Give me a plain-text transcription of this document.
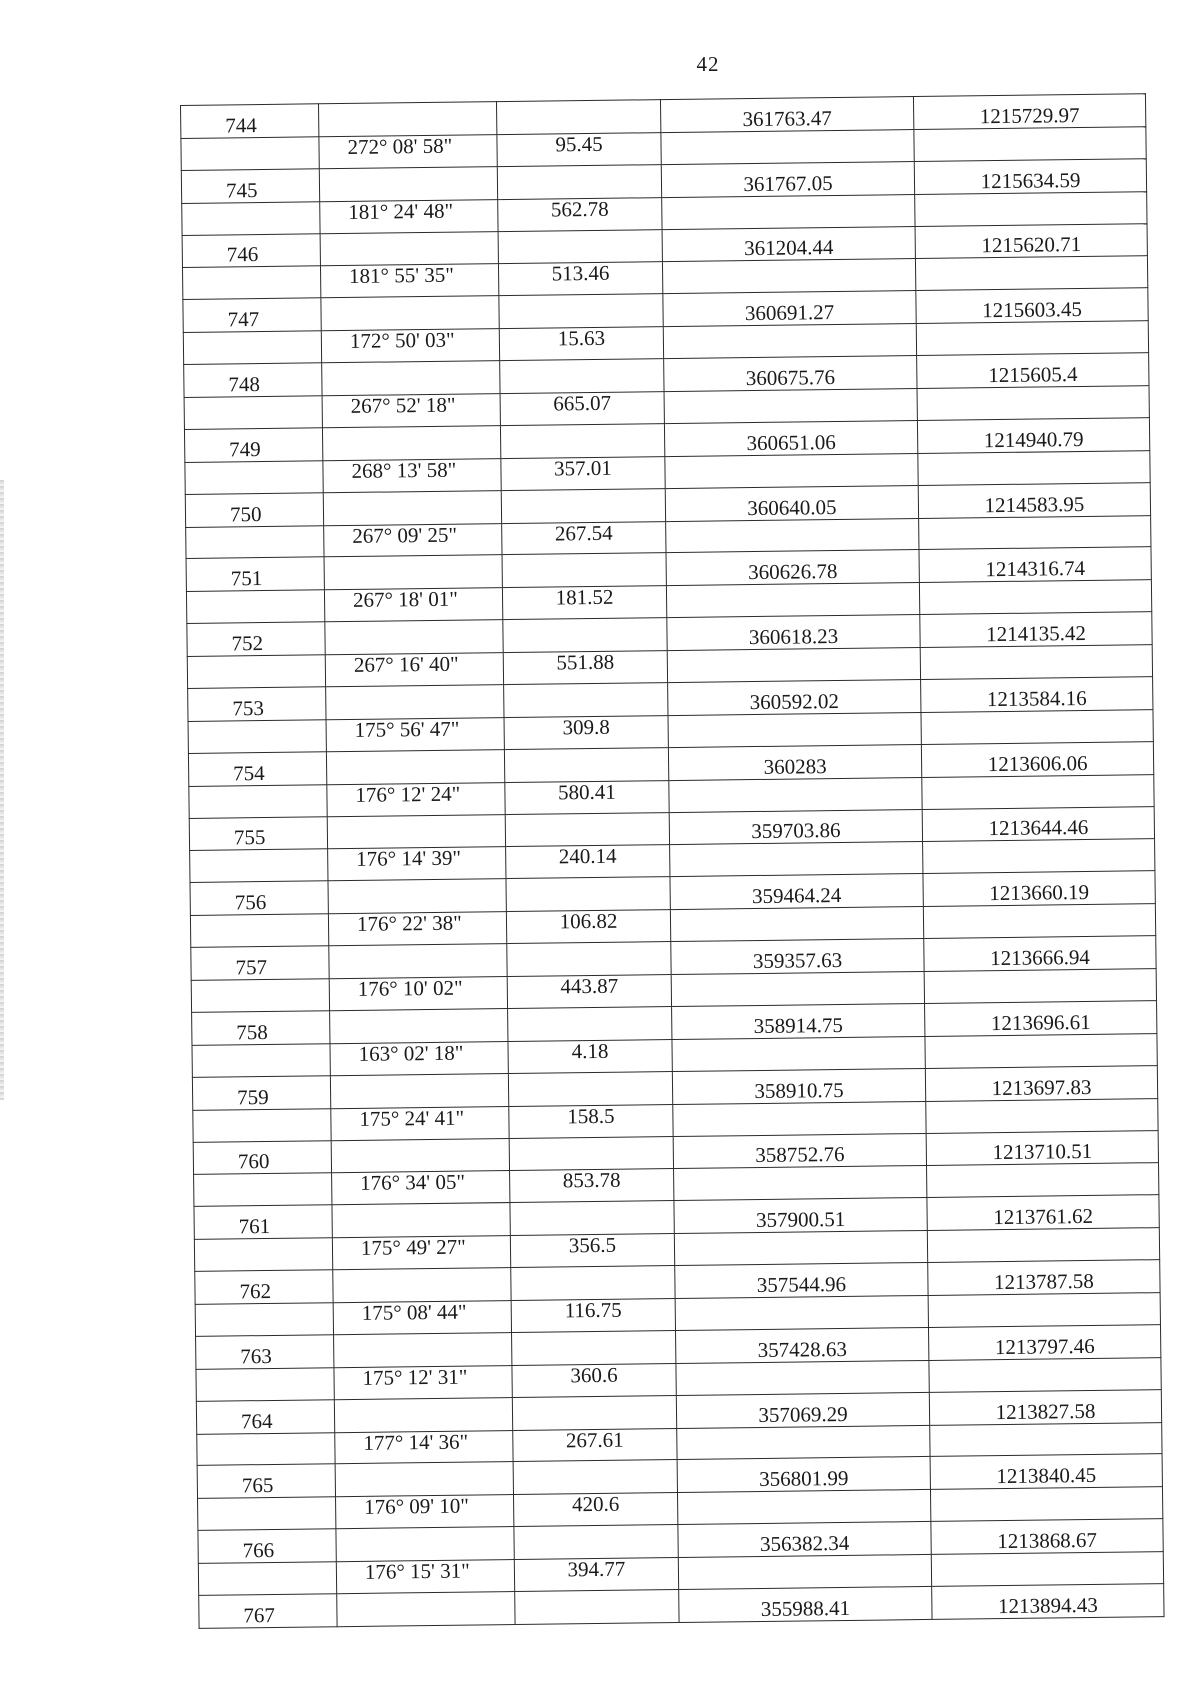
42
744			361763.47	1215729.97
	272° 08' 58"	95.45		
745			361767.05	1215634.59
	181° 24' 48"	562.78		
746			361204.44	1215620.71
	181° 55' 35"	513.46		
747			360691.27	1215603.45
	172° 50' 03"	15.63		
748			360675.76	1215605.4
	267° 52' 18"	665.07		
749			360651.06	1214940.79
	268° 13' 58"	357.01		
750			360640.05	1214583.95
	267° 09' 25"	267.54		
751			360626.78	1214316.74
	267° 18' 01"	181.52		
752			360618.23	1214135.42
	267° 16' 40"	551.88		
753			360592.02	1213584.16
	175° 56' 47"	309.8		
754			360283	1213606.06
	176° 12' 24"	580.41		
755			359703.86	1213644.46
	176° 14' 39"	240.14		
756			359464.24	1213660.19
	176° 22' 38"	106.82		
757			359357.63	1213666.94
	176° 10' 02"	443.87		
758			358914.75	1213696.61
	163° 02' 18"	4.18		
759			358910.75	1213697.83
	175° 24' 41"	158.5		
760			358752.76	1213710.51
	176° 34' 05"	853.78		
761			357900.51	1213761.62
	175° 49' 27"	356.5		
762			357544.96	1213787.58
	175° 08' 44"	116.75		
763			357428.63	1213797.46
	175° 12' 31"	360.6		
764			357069.29	1213827.58
	177° 14' 36"	267.61		
765			356801.99	1213840.45
	176° 09' 10"	420.6		
766			356382.34	1213868.67
	176° 15' 31"	394.77		
767			355988.41	1213894.43
